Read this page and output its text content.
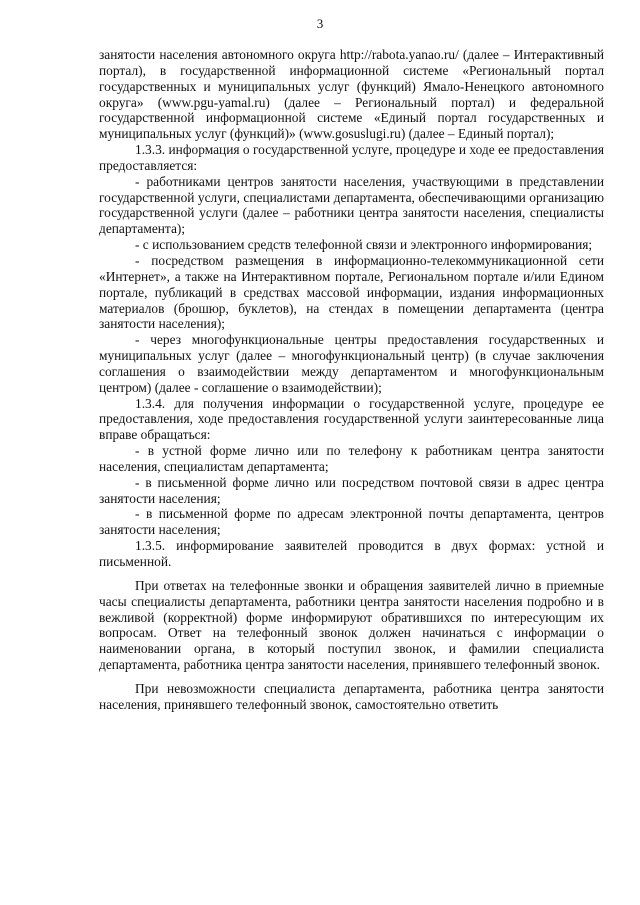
3

занятости населения автономного округа http://rabota.yanao.ru/ (далее – Интерактивный портал), в государственной информационной системе «Региональный портал государственных и муниципальных услуг (функций) Ямало-Ненецкого автономного округа» (www.pgu-yamal.ru) (далее – Региональный портал) и федеральной государственной информационной системе «Единый портал государственных и муниципальных услуг (функций)» (www.gosuslugi.ru) (далее – Единый портал);

1.3.3. информация о государственной услуге, процедуре и ходе ее предоставления предоставляется:

- работниками центров занятости населения, участвующими в представлении государственной услуги, специалистами департамента, обеспечивающими организацию государственной услуги (далее – работники центра занятости населения, специалисты департамента);

- с использованием средств телефонной связи и электронного информирования;

- посредством размещения в информационно-телекоммуникационной сети «Интернет», а также на Интерактивном портале, Региональном портале и/или Едином портале, публикаций в средствах массовой информации, издания информационных материалов (брошюр, буклетов), на стендах в помещении департамента (центра занятости населения);

- через многофункциональные центры предоставления государственных и муниципальных услуг (далее – многофункциональный центр) (в случае заключения соглашения о взаимодействии между департаментом и многофункциональным центром) (далее - соглашение о взаимодействии);

1.3.4. для получения информации о государственной услуге, процедуре ее предоставления, ходе предоставления государственной услуги заинтересованные лица вправе обращаться:

- в устной форме лично или по телефону к работникам центра занятости населения, специалистам департамента;

- в письменной форме лично или посредством почтовой связи в адрес центра занятости населения;

- в письменной форме по адресам электронной почты департамента, центров занятости населения;

1.3.5. информирование заявителей проводится в двух формах: устной и письменной.

При ответах на телефонные звонки и обращения заявителей лично в приемные часы специалисты департамента, работники центра занятости населения подробно и в вежливой (корректной) форме информируют обратившихся по интересующим их вопросам. Ответ на телефонный звонок должен начинаться с информации о наименовании органа, в который поступил звонок, и фамилии специалиста департамента, работника центра занятости населения, принявшего телефонный звонок.

При невозможности специалиста департамента, работника центра занятости населения, принявшего телефонный звонок, самостоятельно ответить
